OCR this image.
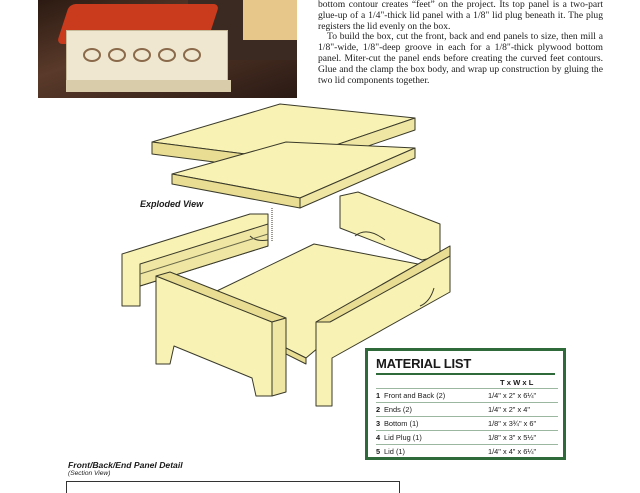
bottom contour creates “feet” on the project. Its top panel is a two-part glue-up of a 1/4"-thick lid panel with a 1/8" lid plug beneath it. The plug registers the lid evenly on the box.

To build the box, cut the front, back and end panels to size, then mill a 1/8"-wide, 1/8"-deep groove in each for a 1/8"-thick plywood bottom panel. Miter-cut the panel ends before creating the curved feet contours. Glue and the clamp the box body, and wrap up construction by gluing the two lid components together.

Exploded View
MATERIAL LIST
T x W x L
1	Front and Back (2)	1/4" x 2" x 6¼"
2	Ends (2)	1/4" x 2" x 4"
3	Bottom (1)	1/8" x 3¾" x 6"
4	Lid Plug (1)	1/8" x 3" x 5½"
5	Lid (1)	1/4" x 4" x 6¼"
Front/Back/End Panel Detail
(Section View)
